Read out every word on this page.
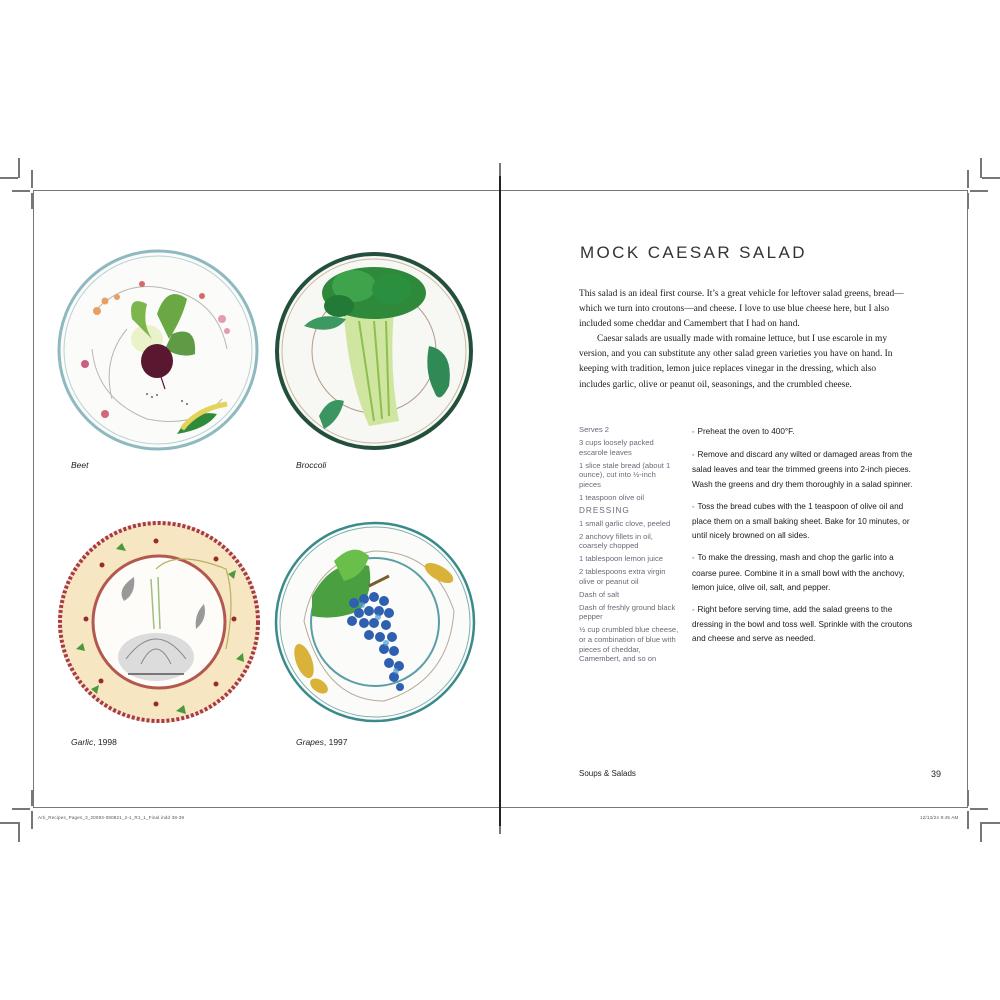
Beet	Broccoli
Garlic, 1998	Grapes, 1997
MOCK CAESAR SALAD

This salad is an ideal first course. It’s a great vehicle for leftover salad greens, bread—which we turn into croutons—and cheese. I love to use blue cheese here, but I also included some cheddar and Camembert that I had on hand.

Caesar salads are usually made with romaine lettuce, but I use escarole in my version, and you can substitute any other salad green varieties you have on hand. In keeping with tradition, lemon juice replaces vinegar in the dressing, which also includes garlic, olive or peanut oil, seasonings, and the crumbled cheese.

Serves 2
3 cups loosely packed escarole leaves
1 slice stale bread (about 1 ounce), cut into ½-inch pieces
1 teaspoon olive oil
DRESSING
1 small garlic clove, peeled
2 anchovy fillets in oil, coarsely chopped
1 tablespoon lemon juice
2 tablespoons extra virgin olive or peanut oil
Dash of salt
Dash of freshly ground black pepper
½ cup crumbled blue cheese, or a combination of blue with pieces of cheddar, Camembert, and so on
▪ Preheat the oven to 400°F.
▪ Remove and discard any wilted or damaged areas from the salad leaves and tear the trimmed greens into 2-inch pieces. Wash the greens and dry them thoroughly in a salad spinner.
▪ Toss the bread cubes with the 1 teaspoon of olive oil and place them on a small baking sheet. Bake for 10 minutes, or until nicely browned on all sides.
▪ To make the dressing, mash and chop the garlic into a coarse puree. Combine it in a small bowl with the anchovy, lemon juice, olive oil, salt, and pepper.
▪ Right before serving time, add the salad greens to the dressing in the bowl and toss well. Sprinkle with the croutons and cheese and serve as needed.
Soups & Salads	39
Arti_Recipes_Pages_3_20093-080821_2-1_R1_1_Final.indd 38-39	12/13/24 9:45 AM
